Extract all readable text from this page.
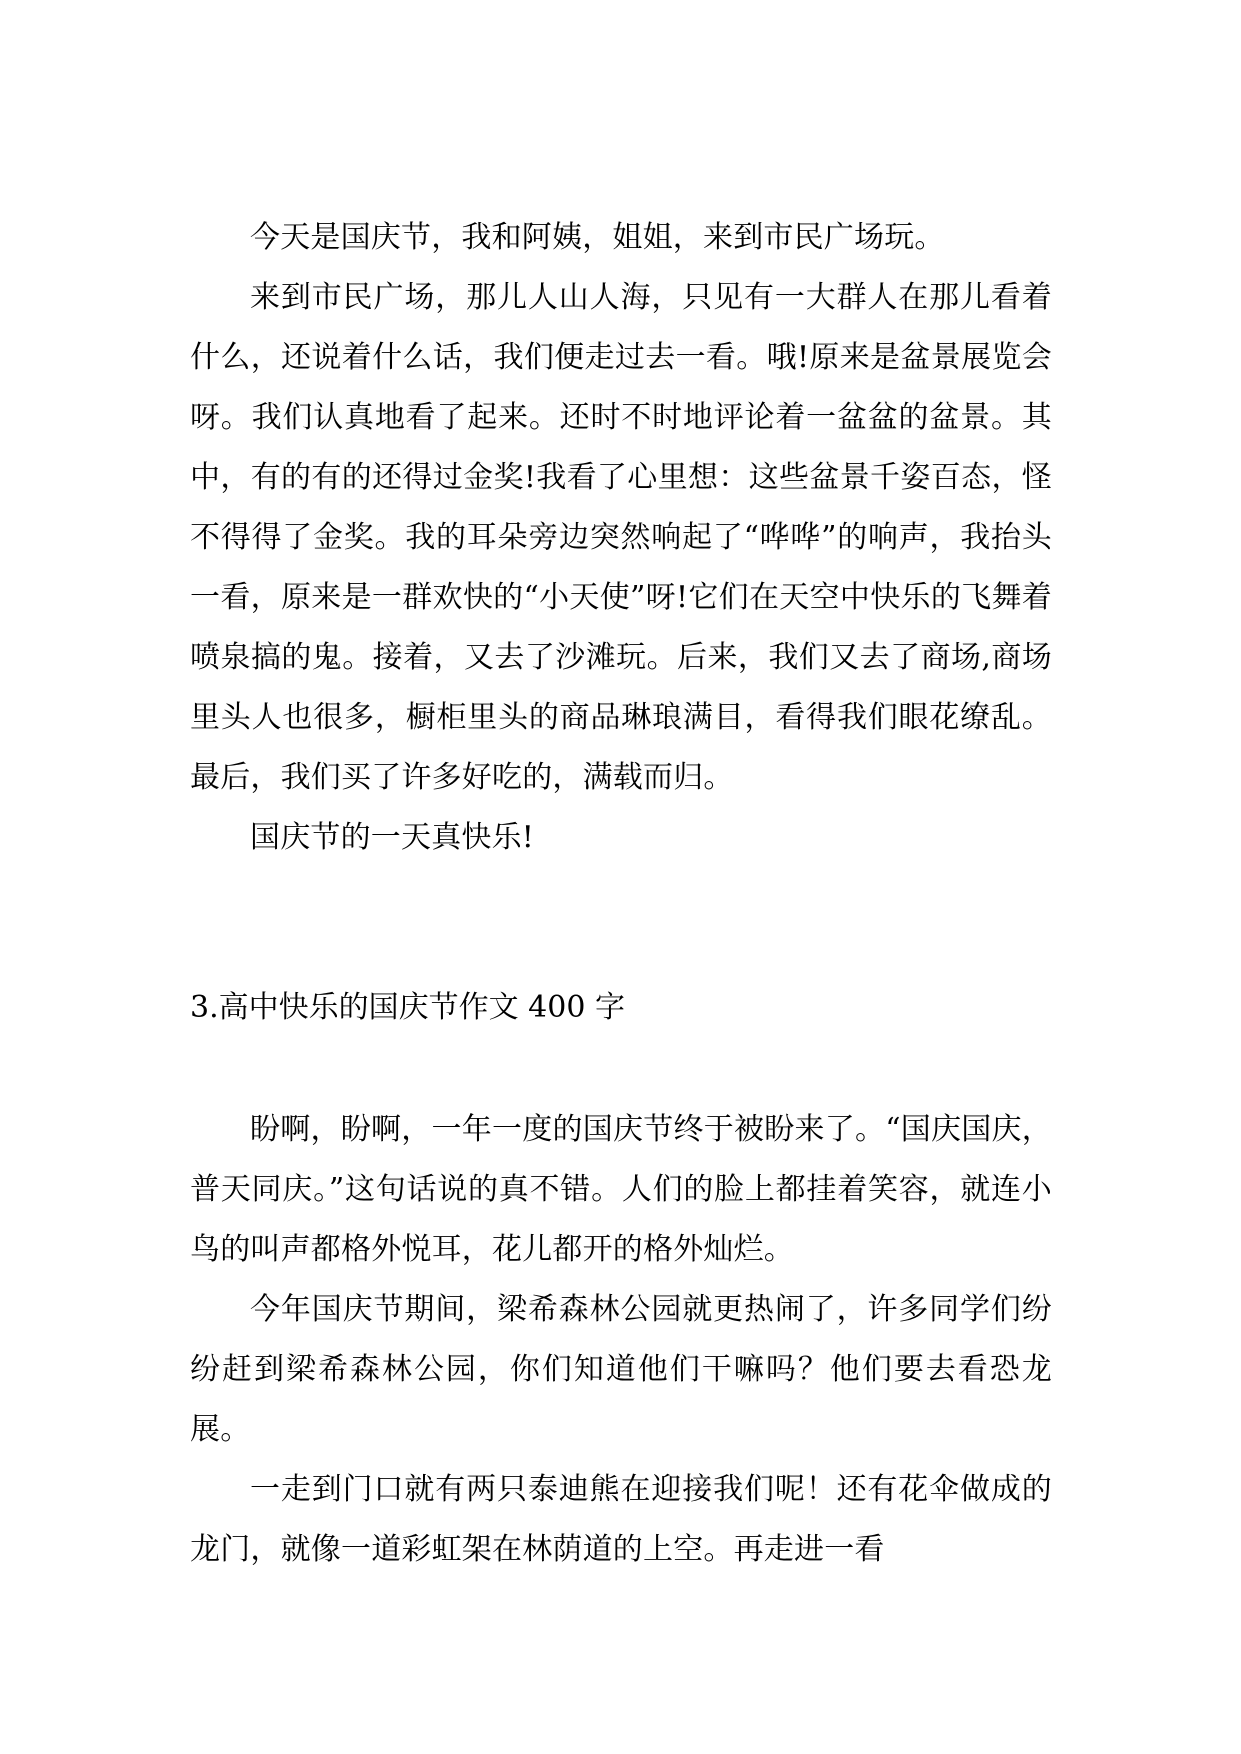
今天是国庆节，我和阿姨，姐姐，来到市民广场玩。

来到市民广场，那儿人山人海，只见有一大群人在那儿看着什么，还说着什么话，我们便走过去一看。哦!原来是盆景展览会呀。我们认真地看了起来。还时不时地评论着一盆盆的盆景。其中，有的有的还得过金奖!我看了心里想：这些盆景千姿百态，怪不得得了金奖。我的耳朵旁边突然响起了“哗哗”的响声，我抬头一看，原来是一群欢快的“小天使”呀!它们在天空中快乐的飞舞着喷泉搞的鬼。接着，又去了沙滩玩。后来，我们又去了商场,商场里头人也很多，橱柜里头的商品琳琅满目，看得我们眼花缭乱。最后，我们买了许多好吃的，满载而归。

国庆节的一天真快乐!

3.高中快乐的国庆节作文 400 字

盼啊，盼啊，一年一度的国庆节终于被盼来了。“国庆国庆，普天同庆。”这句话说的真不错。人们的脸上都挂着笑容，就连小鸟的叫声都格外悦耳，花儿都开的格外灿烂。

今年国庆节期间，梁希森林公园就更热闹了，许多同学们纷纷赶到梁希森林公园，你们知道他们干嘛吗？他们要去看恐龙展。

一走到门口就有两只泰迪熊在迎接我们呢！还有花伞做成的龙门，就像一道彩虹架在林荫道的上空。再走进一看
